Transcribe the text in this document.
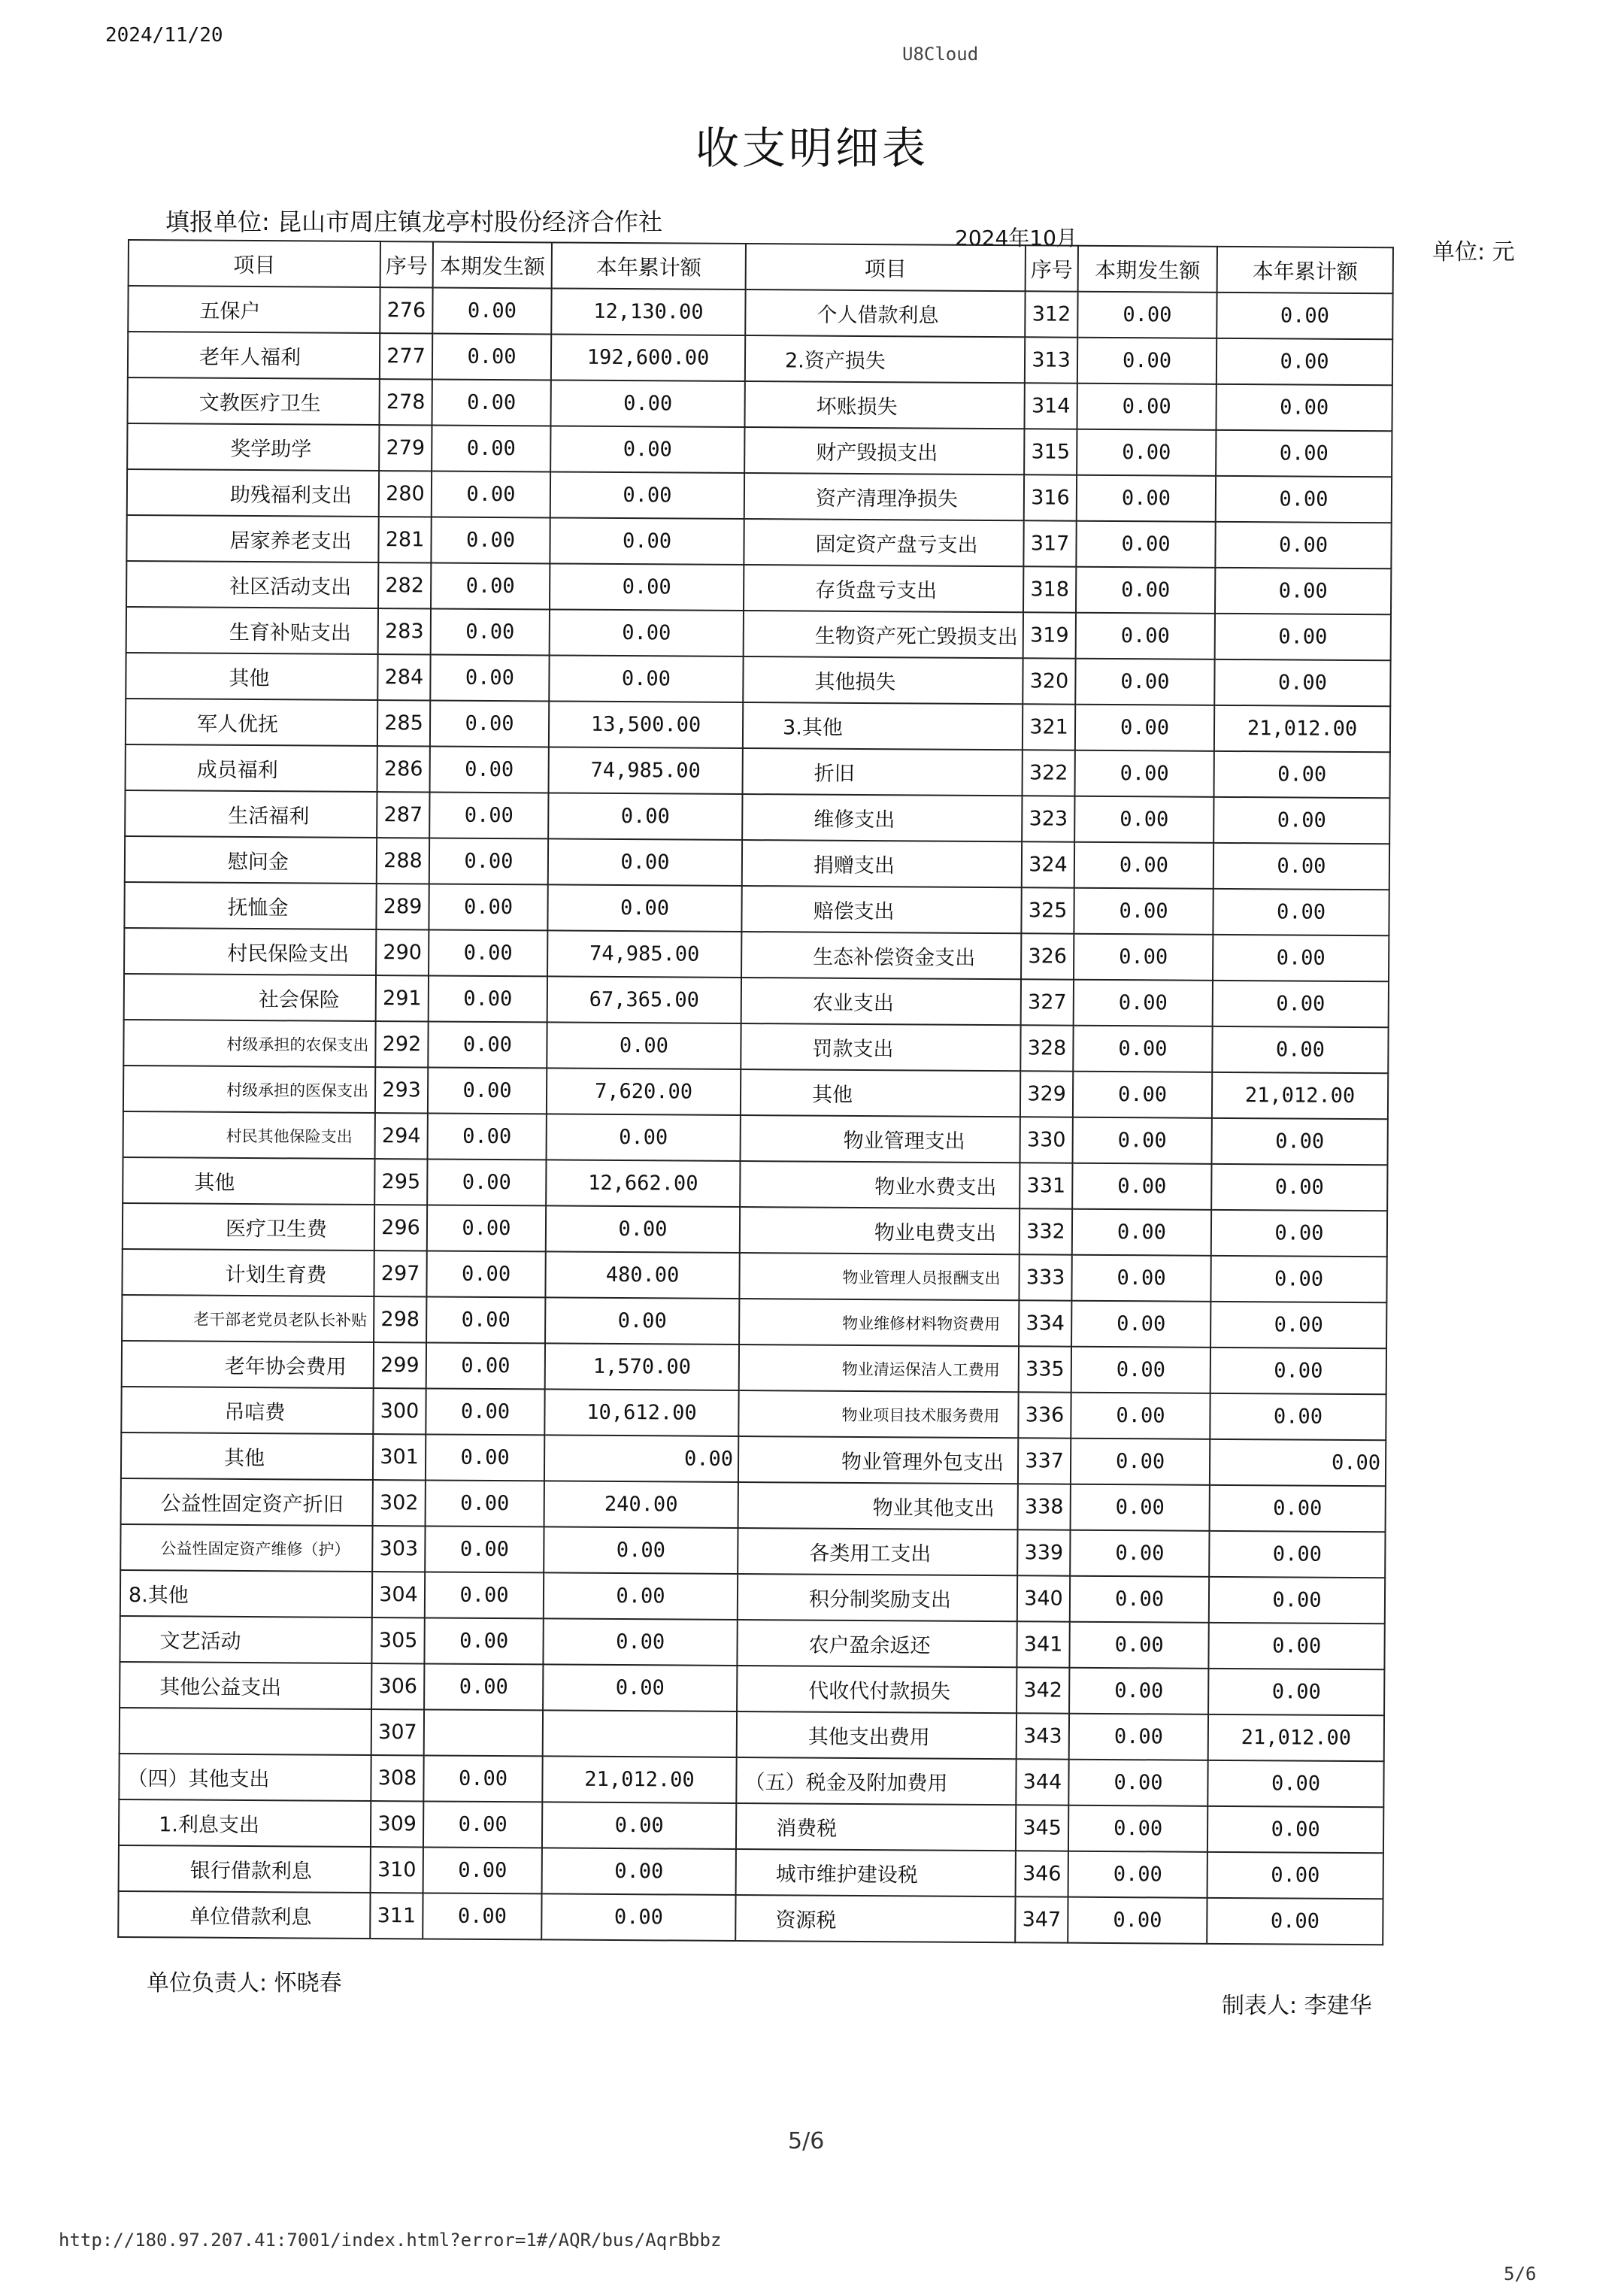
2024/11/20
U8Cloud
收支明细表
填报单位: 昆山市周庄镇龙亭村股份经济合作社
2024年10月
单位: 元
项目	序号	本期发生额	本年累计额	项目	序号	本期发生额	本年累计额
五保户	276	0.00	12,130.00	个人借款利息	312	0.00	0.00
老年人福利	277	0.00	192,600.00	2.资产损失	313	0.00	0.00
文教医疗卫生	278	0.00	0.00	坏账损失	314	0.00	0.00
奖学助学	279	0.00	0.00	财产毁损支出	315	0.00	0.00
助残福利支出	280	0.00	0.00	资产清理净损失	316	0.00	0.00
居家养老支出	281	0.00	0.00	固定资产盘亏支出	317	0.00	0.00
社区活动支出	282	0.00	0.00	存货盘亏支出	318	0.00	0.00
生育补贴支出	283	0.00	0.00	生物资产死亡毁损支出	319	0.00	0.00
其他	284	0.00	0.00	其他损失	320	0.00	0.00
军人优抚	285	0.00	13,500.00	3.其他	321	0.00	21,012.00
成员福利	286	0.00	74,985.00	折旧	322	0.00	0.00
生活福利	287	0.00	0.00	维修支出	323	0.00	0.00
慰问金	288	0.00	0.00	捐赠支出	324	0.00	0.00
抚恤金	289	0.00	0.00	赔偿支出	325	0.00	0.00
村民保险支出	290	0.00	74,985.00	生态补偿资金支出	326	0.00	0.00
社会保险	291	0.00	67,365.00	农业支出	327	0.00	0.00
村级承担的农保支出	292	0.00	0.00	罚款支出	328	0.00	0.00
村级承担的医保支出	293	0.00	7,620.00	其他	329	0.00	21,012.00
村民其他保险支出	294	0.00	0.00	物业管理支出	330	0.00	0.00
其他	295	0.00	12,662.00	物业水费支出	331	0.00	0.00
医疗卫生费	296	0.00	0.00	物业电费支出	332	0.00	0.00
计划生育费	297	0.00	480.00	物业管理人员报酬支出	333	0.00	0.00
老干部老党员老队长补贴	298	0.00	0.00	物业维修材料物资费用	334	0.00	0.00
老年协会费用	299	0.00	1,570.00	物业清运保洁人工费用	335	0.00	0.00
吊唁费	300	0.00	10,612.00	物业项目技术服务费用	336	0.00	0.00
其他	301	0.00	0.00	物业管理外包支出	337	0.00	0.00
公益性固定资产折旧	302	0.00	240.00	物业其他支出	338	0.00	0.00
公益性固定资产维修（护）	303	0.00	0.00	各类用工支出	339	0.00	0.00
8.其他	304	0.00	0.00	积分制奖励支出	340	0.00	0.00
文艺活动	305	0.00	0.00	农户盈余返还	341	0.00	0.00
其他公益支出	306	0.00	0.00	代收代付款损失	342	0.00	0.00
	307			其他支出费用	343	0.00	21,012.00
（四）其他支出	308	0.00	21,012.00	（五）税金及附加费用	344	0.00	0.00
1.利息支出	309	0.00	0.00	消费税	345	0.00	0.00
银行借款利息	310	0.00	0.00	城市维护建设税	346	0.00	0.00
单位借款利息	311	0.00	0.00	资源税	347	0.00	0.00
单位负责人: 怀晓春
制表人: 李建华
5/6
http://180.97.207.41:7001/index.html?error=1#/AQR/bus/AqrBbbz
5/6
